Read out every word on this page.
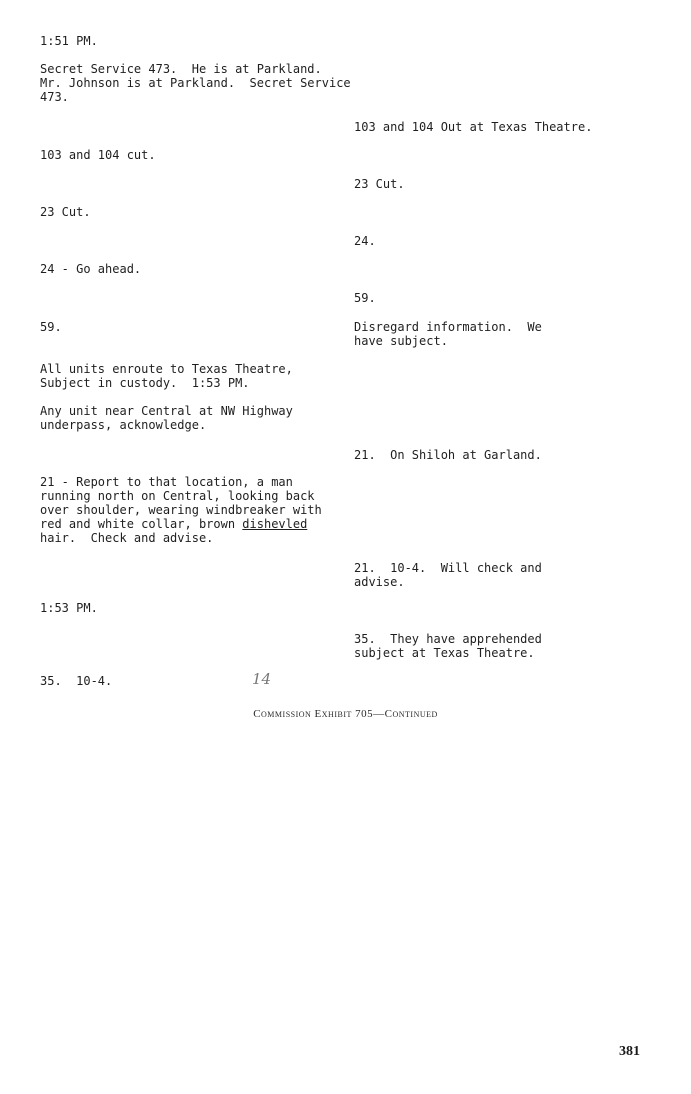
1:51 PM.
Secret Service 473.  He is at Parkland.
Mr. Johnson is at Parkland.  Secret Service
473.
103 and 104 Out at Texas Theatre.
103 and 104 cut.
23 Cut.
23 Cut.
24.
24 - Go ahead.
59.
59.	Disregard information.  We
have subject.
All units enroute to Texas Theatre,
Subject in custody.  1:53 PM.
Any unit near Central at NW Highway
underpass, acknowledge.
21.  On Shiloh at Garland.
21 - Report to that location, a man
running north on Central, looking back
over shoulder, wearing windbreaker with
red and white collar, brown dishevled
hair.  Check and advise.
21.  10-4.  Will check and
advise.
1:53 PM.
35.  They have apprehended
subject at Texas Theatre.
35.  10-4.	14
Commission Exhibit 705—Continued
381
